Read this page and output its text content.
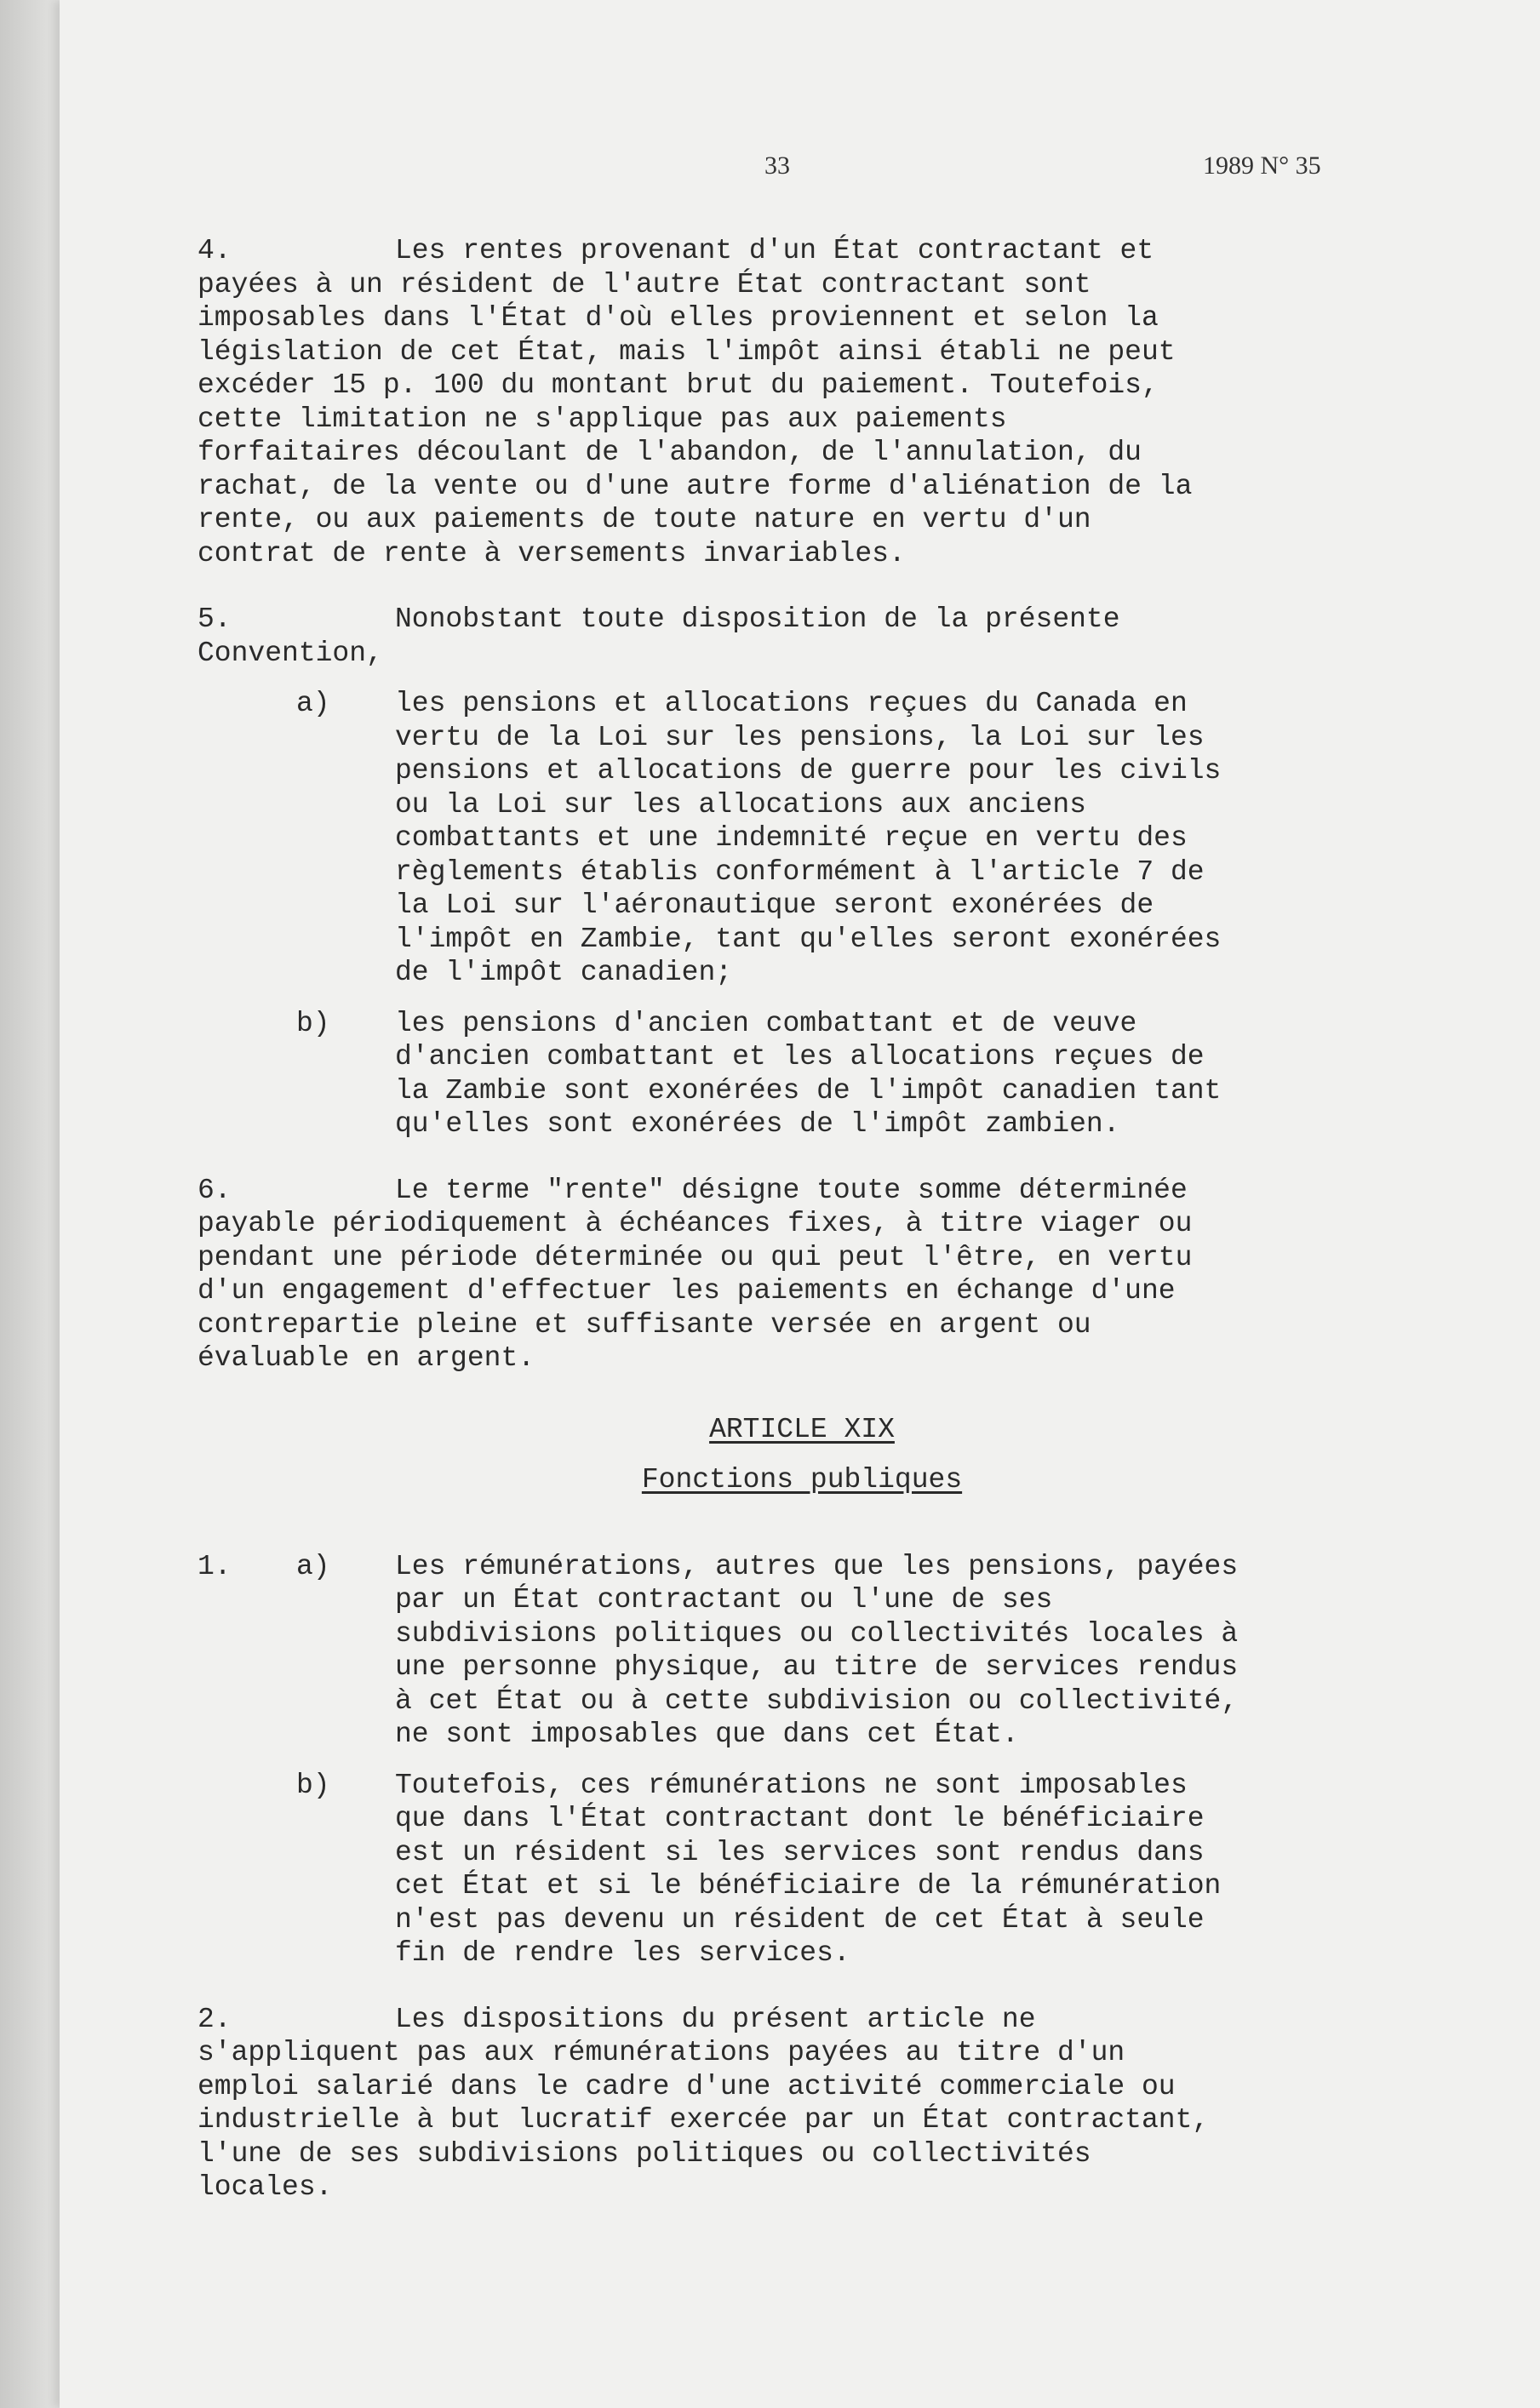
33	1989 N° 35
4.	Les rentes provenant d'un État contractant et
payées à un résident de l'autre État contractant sont
imposables dans l'État d'où elles proviennent et selon la
législation de cet État, mais l'impôt ainsi établi ne peut
excéder 15 p. 100 du montant brut du paiement. Toutefois,
cette limitation ne s'applique pas aux paiements
forfaitaires découlant de l'abandon, de l'annulation, du
rachat, de la vente ou d'une autre forme d'aliénation de la
rente, ou aux paiements de toute nature en vertu d'un
contrat de rente à versements invariables.
5.	Nonobstant toute disposition de la présente
Convention,
a)	les pensions et allocations reçues du Canada en
vertu de la Loi sur les pensions, la Loi sur les
pensions et allocations de guerre pour les civils
ou la Loi sur les allocations aux anciens
combattants et une indemnité reçue en vertu des
règlements établis conformément à l'article 7 de
la Loi sur l'aéronautique seront exonérées de
l'impôt en Zambie, tant qu'elles seront exonérées
de l'impôt canadien;
b)	les pensions d'ancien combattant et de veuve
d'ancien combattant et les allocations reçues de
la Zambie sont exonérées de l'impôt canadien tant
qu'elles sont exonérées de l'impôt zambien.
6.	Le terme "rente" désigne toute somme déterminée
payable périodiquement à échéances fixes, à titre viager ou
pendant une période déterminée ou qui peut l'être, en vertu
d'un engagement d'effectuer les paiements en échange d'une
contrepartie pleine et suffisante versée en argent ou
évaluable en argent.

ARTICLE XIX

Fonctions publiques

1.	a)	Les rémunérations, autres que les pensions, payées
par un État contractant ou l'une de ses
subdivisions politiques ou collectivités locales à
une personne physique, au titre de services rendus
à cet État ou à cette subdivision ou collectivité,
ne sont imposables que dans cet État.
b)	Toutefois, ces rémunérations ne sont imposables
que dans l'État contractant dont le bénéficiaire
est un résident si les services sont rendus dans
cet État et si le bénéficiaire de la rémunération
n'est pas devenu un résident de cet État à seule
fin de rendre les services.
2.	Les dispositions du présent article ne
s'appliquent pas aux rémunérations payées au titre d'un
emploi salarié dans le cadre d'une activité commerciale ou
industrielle à but lucratif exercée par un État contractant,
l'une de ses subdivisions politiques ou collectivités
locales.
